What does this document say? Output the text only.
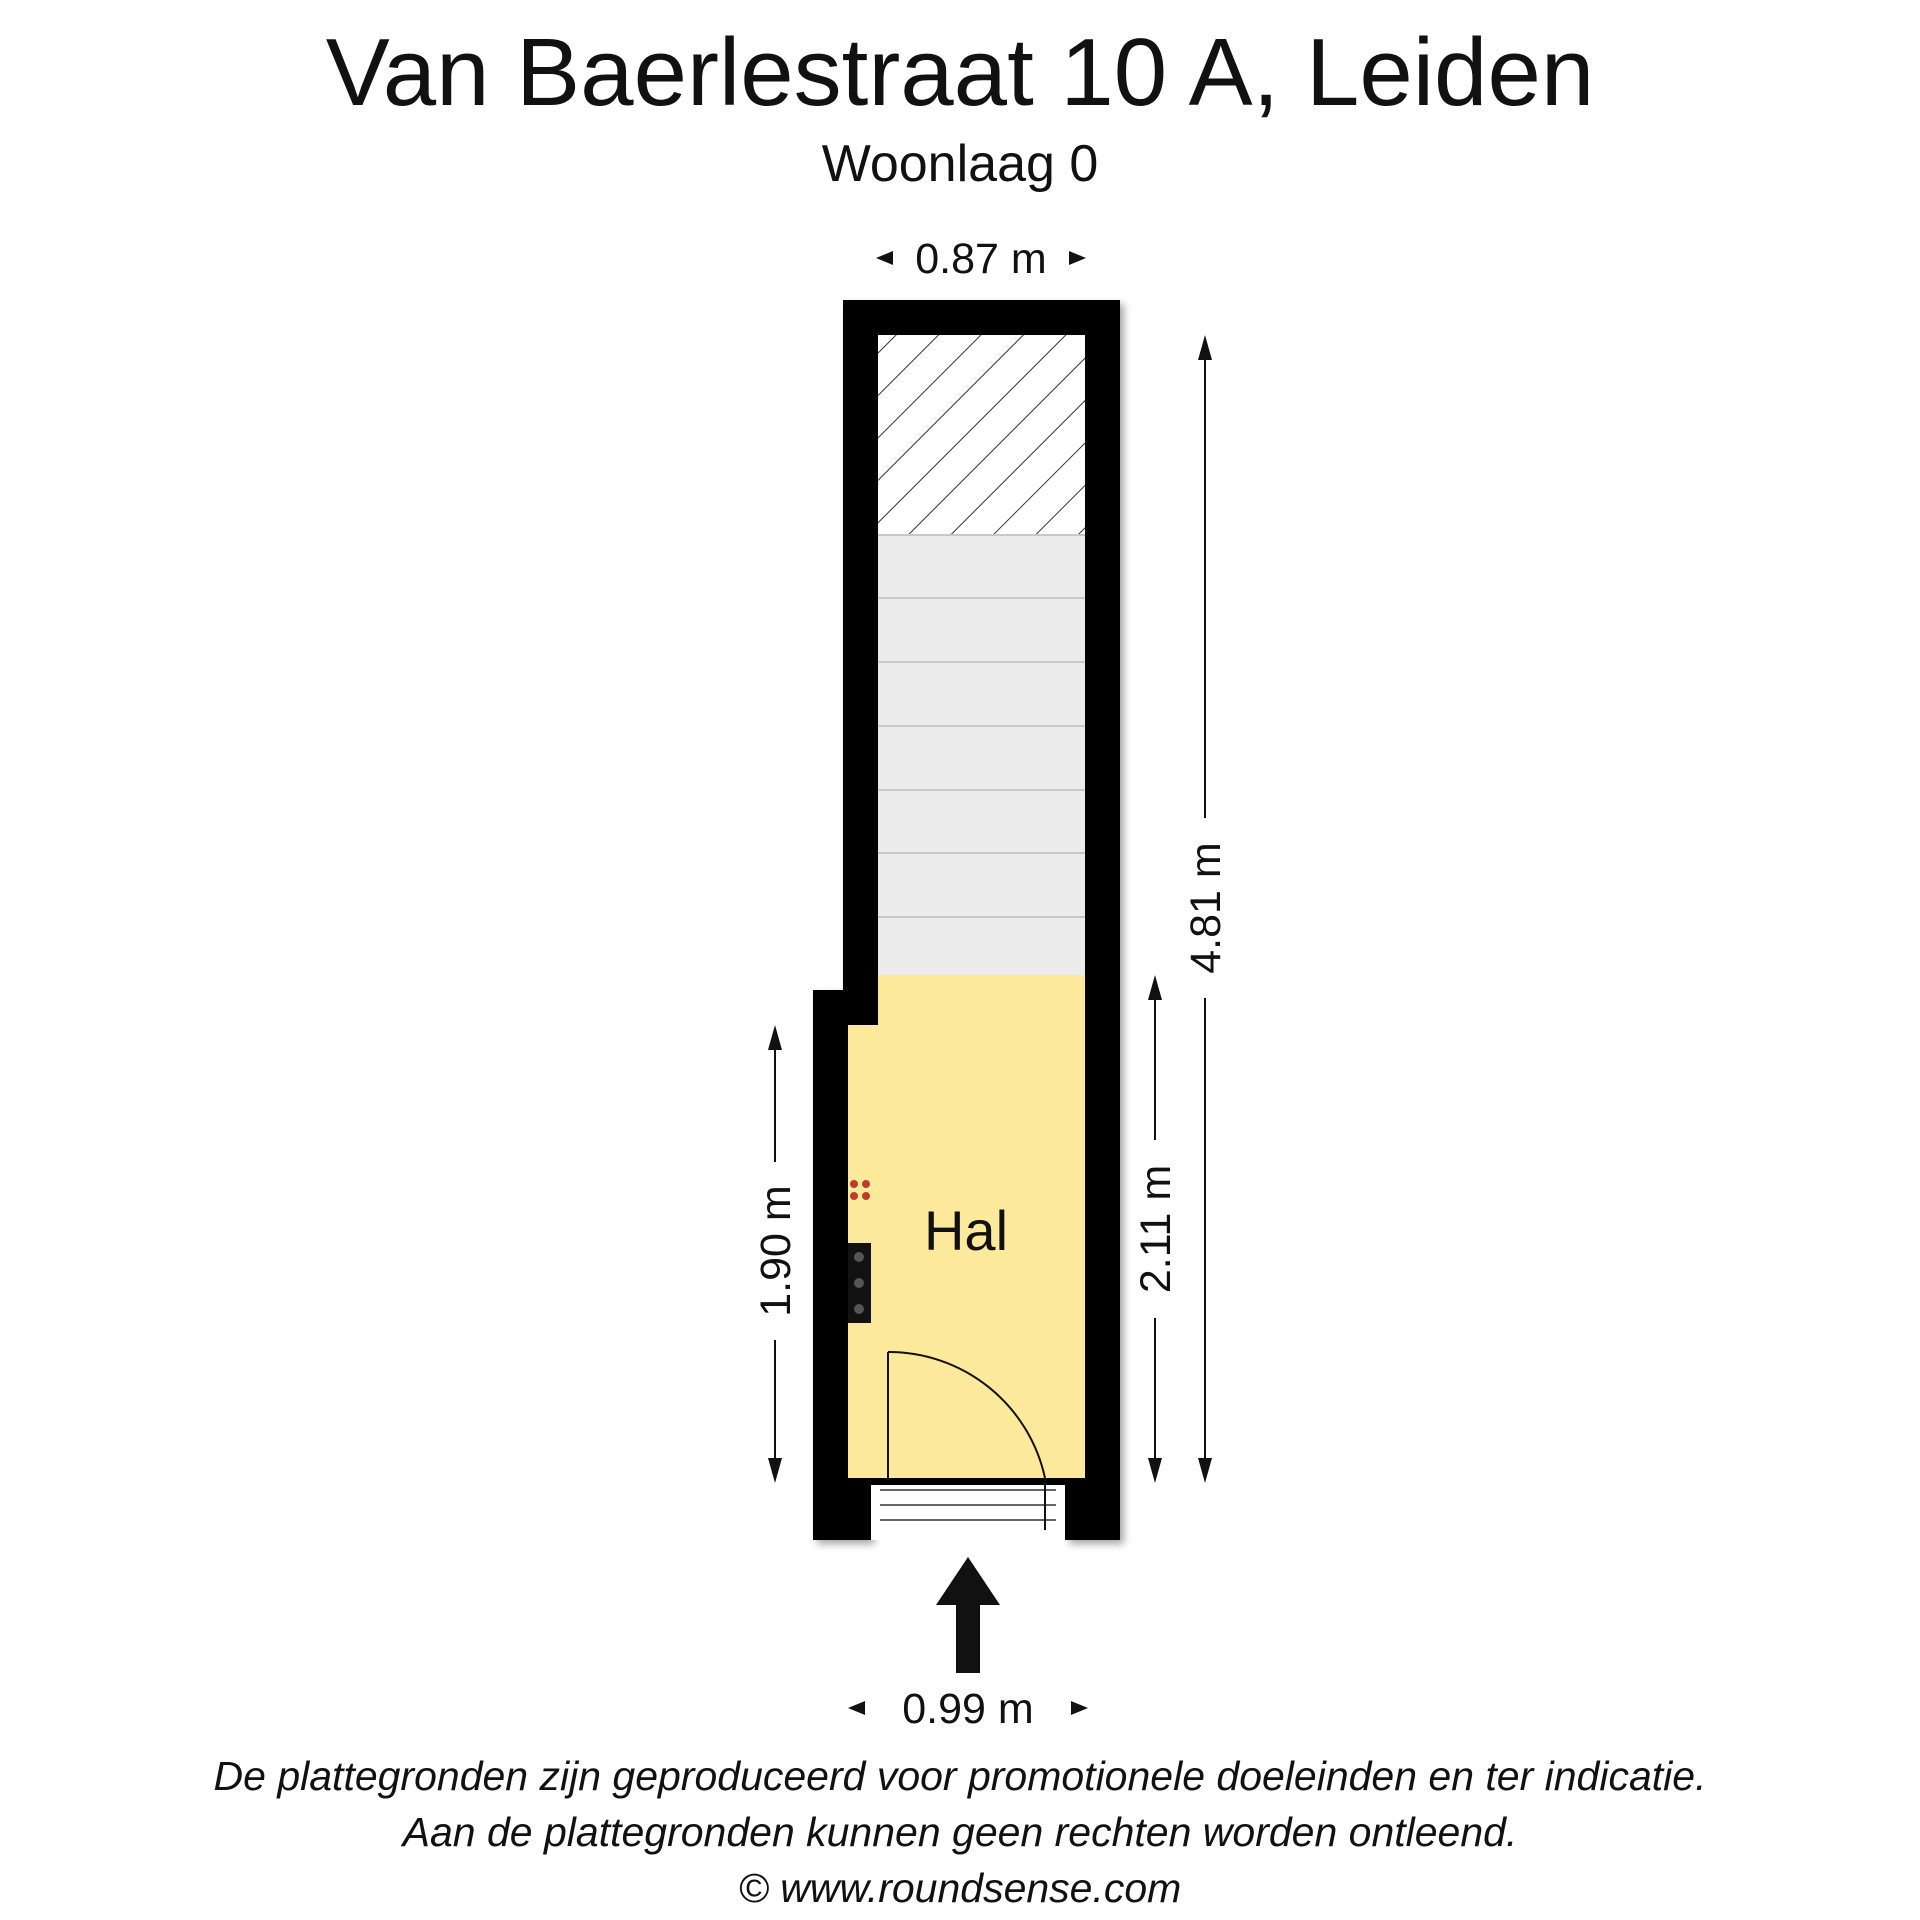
Van Baerlestraat 10 A, Leiden
Woonlaag 0
Hal
0.87 m
4.81 m
2.11 m
1.90 m
0.99 m
De plattegronden zijn geproduceerd voor promotionele doeleinden en ter indicatie.
Aan de plattegronden kunnen geen rechten worden ontleend.
© www.roundsense.com
